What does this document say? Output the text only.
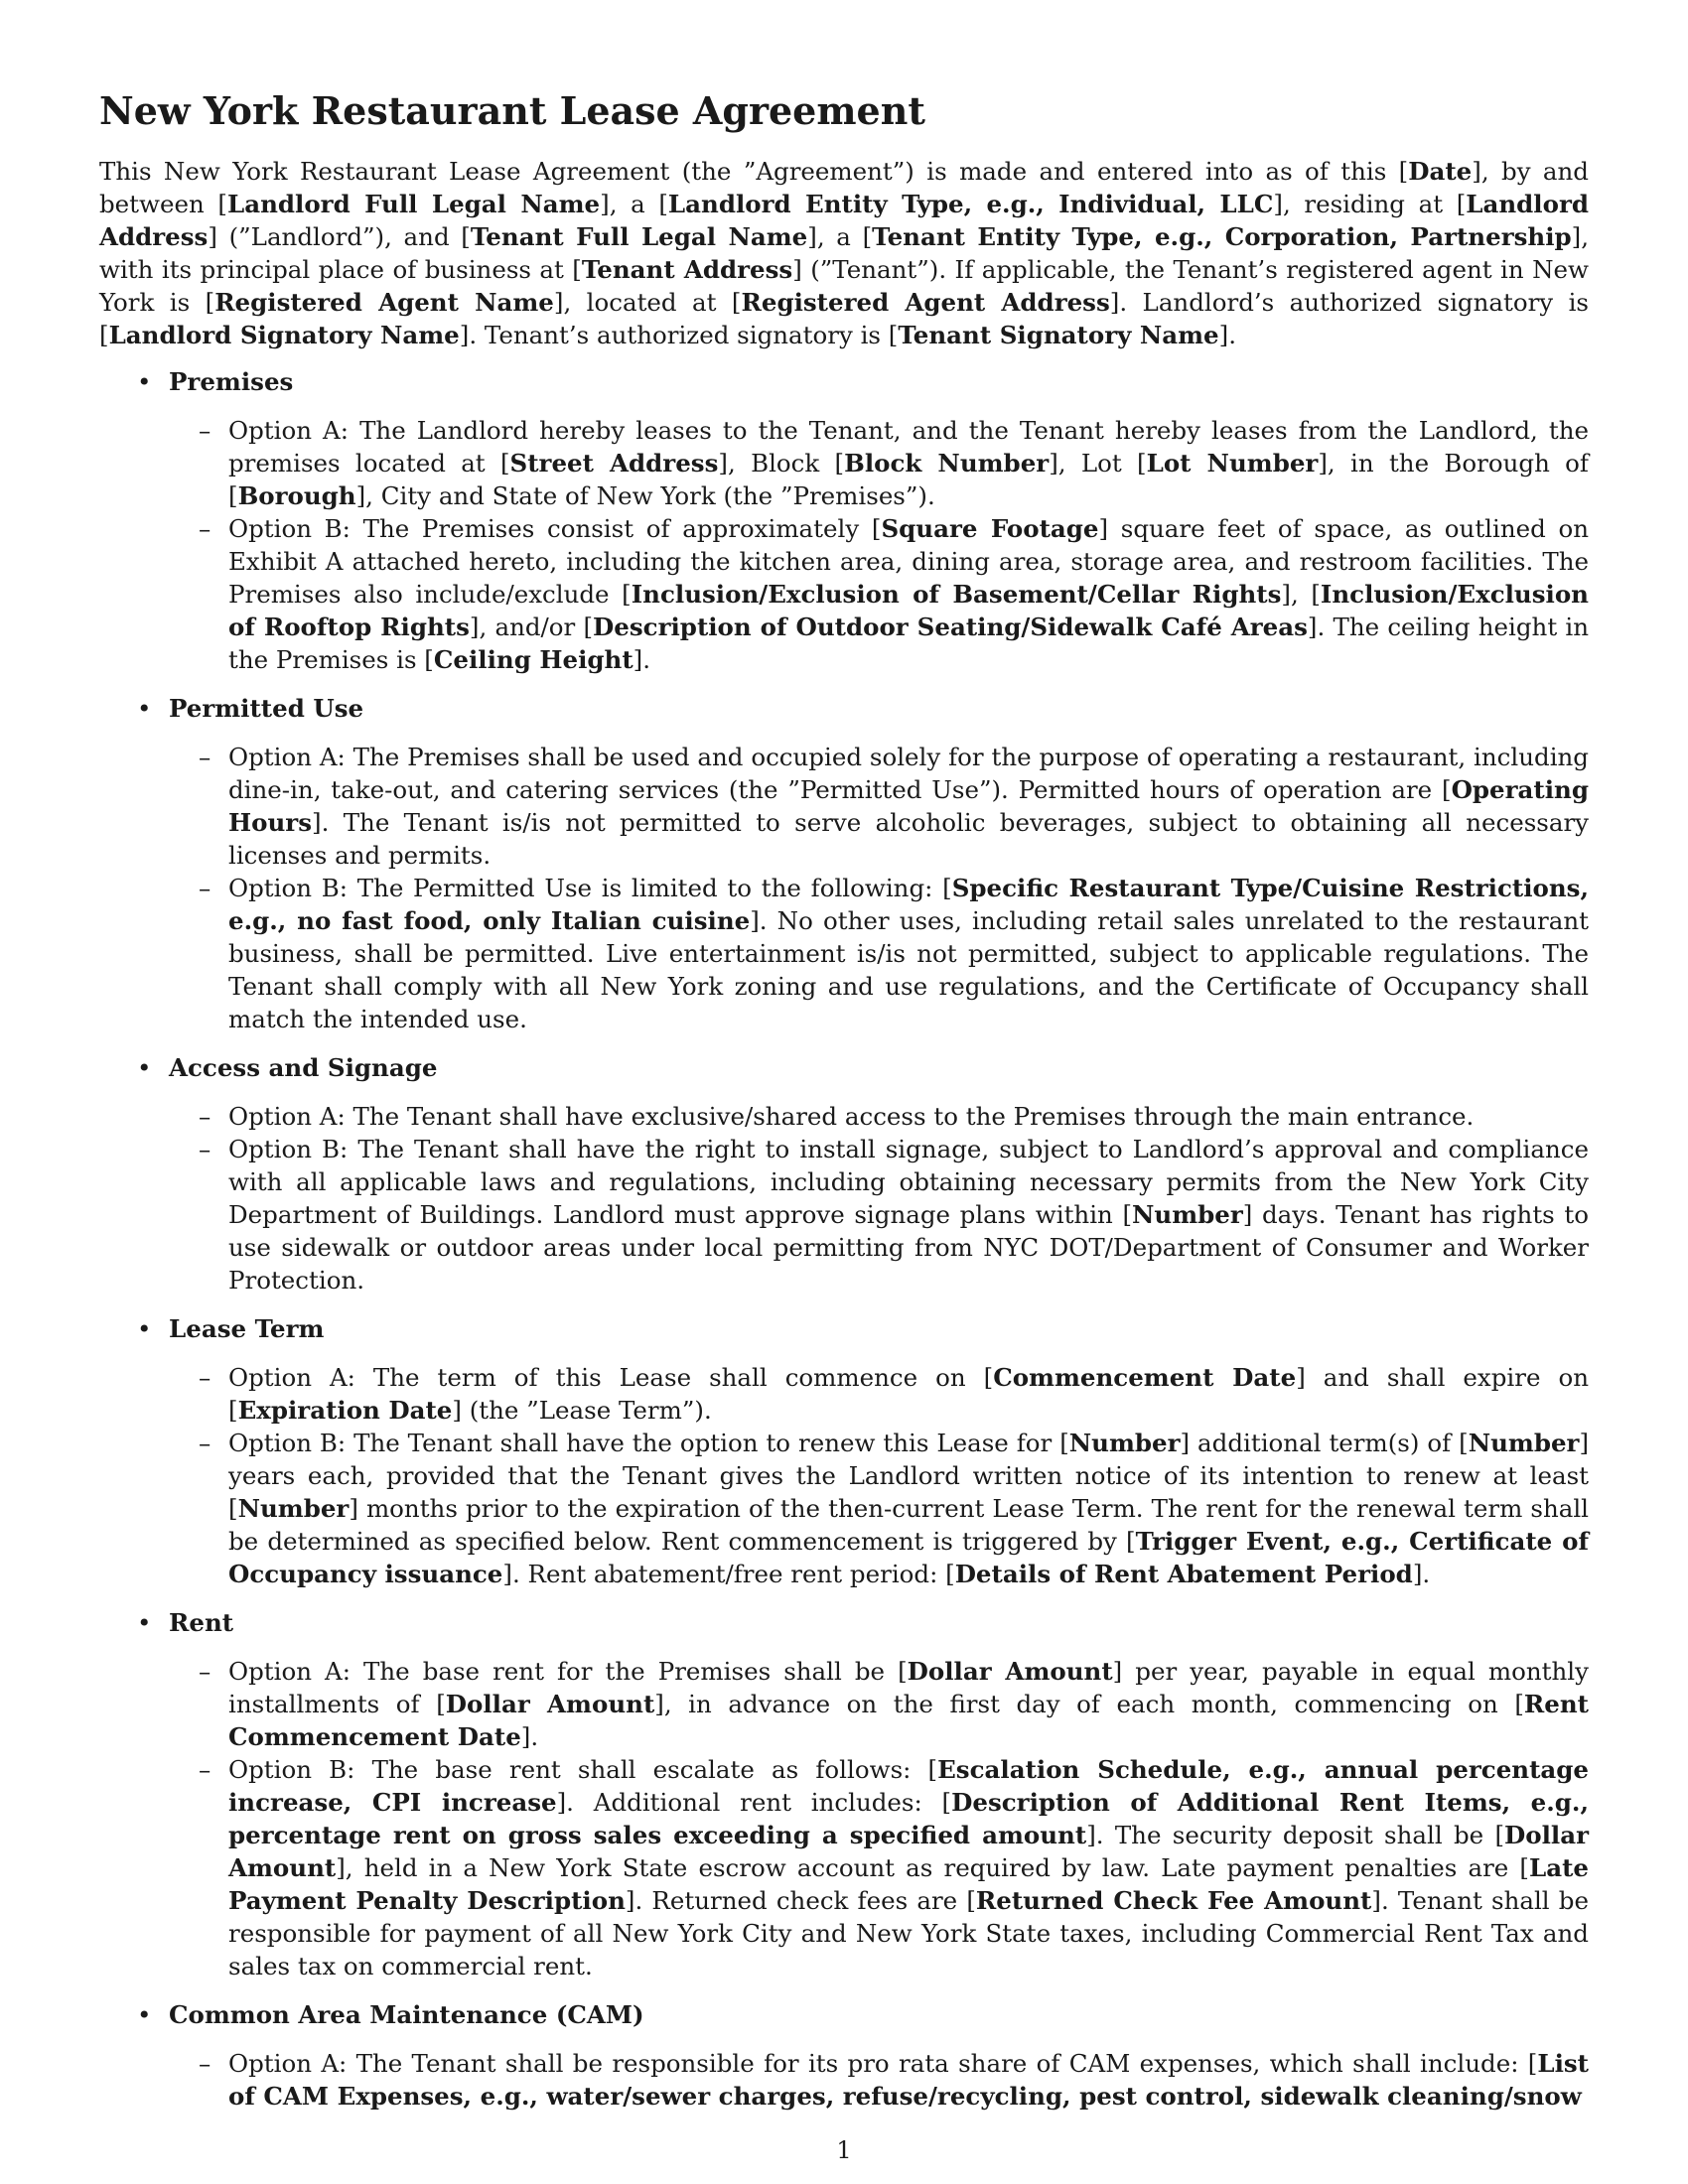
New York Restaurant Lease Agreement

This New York Restaurant Lease Agreement (the ”Agreement”) is made and entered into as of this [Date], by and between [Landlord Full Legal Name], a [Landlord Entity Type, e.g., Individual, LLC], residing at [Landlord Address] (”Landlord”), and [Tenant Full Legal Name], a [Tenant Entity Type, e.g., Corporation, Partnership], with its principal place of business at [Tenant Address] (”Tenant”). If applicable, the Tenant’s registered agent in New York is [Registered Agent Name], located at [Registered Agent Address]. Landlord’s authorized signatory is [Landlord Signatory Name]. Tenant’s authorized signatory is [Tenant Signatory Name].

• Premises
– Option A: The Landlord hereby leases to the Tenant, and the Tenant hereby leases from the Landlord, the premises located at [Street Address], Block [Block Number], Lot [Lot Number], in the Borough of [Borough], City and State of New York (the ”Premises”).
– Option B: The Premises consist of approximately [Square Footage] square feet of space, as outlined on Exhibit A attached hereto, including the kitchen area, dining area, storage area, and restroom facilities. The Premises also include/exclude [Inclusion/Exclusion of Basement/Cellar Rights], [Inclusion/Exclusion of Rooftop Rights], and/or [Description of Outdoor Seating/Sidewalk Café Areas]. The ceiling height in the Premises is [Ceiling Height].
• Permitted Use
– Option A: The Premises shall be used and occupied solely for the purpose of operating a restaurant, including dine-in, take-out, and catering services (the ”Permitted Use”). Permitted hours of operation are [Operating Hours]. The Tenant is/is not permitted to serve alcoholic beverages, subject to obtaining all necessary licenses and permits.
– Option B: The Permitted Use is limited to the following: [Specific Restaurant Type/Cuisine Restrictions, e.g., no fast food, only Italian cuisine]. No other uses, including retail sales unrelated to the restaurant business, shall be permitted. Live entertainment is/is not permitted, subject to applicable regulations. The Tenant shall comply with all New York zoning and use regulations, and the Certificate of Occupancy shall match the intended use.
• Access and Signage
– Option A: The Tenant shall have exclusive/shared access to the Premises through the main entrance.
– Option B: The Tenant shall have the right to install signage, subject to Landlord’s approval and compliance with all applicable laws and regulations, including obtaining necessary permits from the New York City Department of Buildings. Landlord must approve signage plans within [Number] days. Tenant has rights to use sidewalk or outdoor areas under local permitting from NYC DOT/Department of Consumer and Worker Protection.
• Lease Term
– Option A: The term of this Lease shall commence on [Commencement Date] and shall expire on [Expiration Date] (the ”Lease Term”).
– Option B: The Tenant shall have the option to renew this Lease for [Number] additional term(s) of [Number] years each, provided that the Tenant gives the Landlord written notice of its intention to renew at least [Number] months prior to the expiration of the then-current Lease Term. The rent for the renewal term shall be determined as specified below. Rent commencement is triggered by [Trigger Event, e.g., Certificate of Occupancy issuance]. Rent abatement/free rent period: [Details of Rent Abatement Period].
• Rent
– Option A: The base rent for the Premises shall be [Dollar Amount] per year, payable in equal monthly installments of [Dollar Amount], in advance on the first day of each month, commencing on [Rent Commencement Date].
– Option B: The base rent shall escalate as follows: [Escalation Schedule, e.g., annual percentage increase, CPI increase]. Additional rent includes: [Description of Additional Rent Items, e.g., percentage rent on gross sales exceeding a specified amount]. The security deposit shall be [Dollar Amount], held in a New York State escrow account as required by law. Late payment penalties are [Late Payment Penalty Description]. Returned check fees are [Returned Check Fee Amount]. Tenant shall be responsible for payment of all New York City and New York State taxes, including Commercial Rent Tax and sales tax on commercial rent.
• Common Area Maintenance (CAM)
– Option A: The Tenant shall be responsible for its pro rata share of CAM expenses, which shall include: [List of CAM Expenses, e.g., water/sewer charges, refuse/recycling, pest control, sidewalk cleaning/snow
1
